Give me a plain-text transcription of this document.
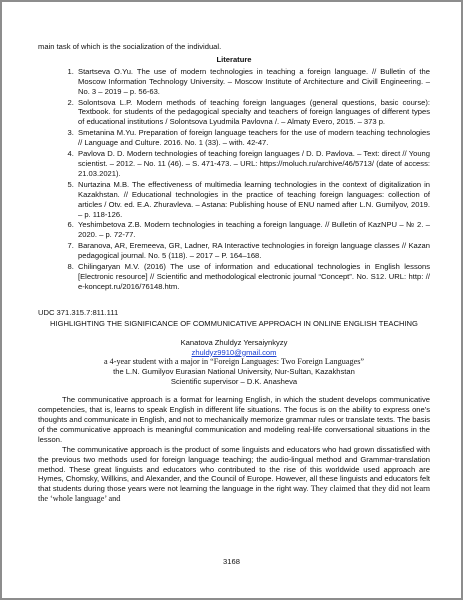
main task of which is the socialization of the individual.

Literature
1. Startseva O.Yu. The use of modern technologies in teaching a foreign language. // Bulletin of the Moscow Information Technology University. – Moscow Institute of Architecture and Civill Engineering. – No. 3 – 2019 – p. 56-63.
2. Solontsova L.P. Modern methods of teaching foreign languages (general questions, basic course): Textbook. for students of the pedagogical specialty and teachers of foreign languages of different types of educational institutions / Solontsova Lyudmila Pavlovna /. – Almaty Evero, 2015. – 373 p.
3. Smetanina M.Yu. Preparation of foreign language teachers for the use of modern teaching technologies // Language and Culture. 2016. No. 1 (33). – with. 42-47.
4. Pavlova D. D. Modern technologies of teaching foreign languages / D. D. Pavlova. – Text: direct // Young scientist. – 2012. – No. 11 (46). – S. 471-473. – URL: https://moluch.ru/archive/46/5713/ (date of access: 21.03.2021).
5. Nurtazina M.B. The effectiveness of multimedia learning technologies in the context of digitalization in Kazakhstan. // Educational technologies in the practice of teaching foreign languages: collection of articles / Otv. ed. E.A. Zhuravleva. – Astana: Publishing house of ENU named after L.N. Gumilyov, 2019. – p. 118-126.
6. Yeshimbetova Z.B. Modern technologies in teaching a foreign language. // Bulletin of KazNPU – № 2. – 2020. – p. 72-77.
7. Baranova, AR, Eremeeva, GR, Ladner, RA Interactive technologies in foreign language classes // Kazan pedagogical journal. No. 5 (118). – 2017 – P. 164–168.
8. Chilingaryan M.V. (2016) The use of information and educational technologies in English lessons [Electronic resource] // Scientific and methodological electronic journal “Concept”. No. S12. URL: http: // e-koncept.ru/2016/76148.htm.
UDC 371.315.7:811.111
HIGHLIGHTING THE SIGNIFICANCE OF COMMUNICATIVE APPROACH IN ONLINE ENGLISH TEACHING
Kanatova Zhuldyz Yersaiynkyzy
zhuldyz9910@gmail.com
a 4-year student with a major in “Foreign Languages: Two Foreign Languages”
the L.N. Gumilyov Eurasian National University, Nur-Sultan, Kazakhstan
Scientific supervisor – D.K. Anasheva

The communicative approach is a format for learning English, in which the student develops communicative competencies, that is, learns to speak English in different life situations. The focus is on the ability to express one's thoughts and communicate in English, and not to mechanically memorize grammar rules or translate texts. The basis of the communicative approach is meaningful communication and modeling real-life conversational situations in the lesson.

The communicative approach is the product of some linguists and educators who had grown dissatisfied with the previous two methods used for foreign language teaching; the audio-lingual method and Grammar-translation method. These great linguists and educators who contributed to the rise of this worldwide used approach are Hymes, Chomsky, Willkins, and Alexander, and the Council of Europe. However, all these linguists and educators felt that students during those years were not learning the language in the right way. They claimed that they did not learn the ‘whole language’ and

3168
